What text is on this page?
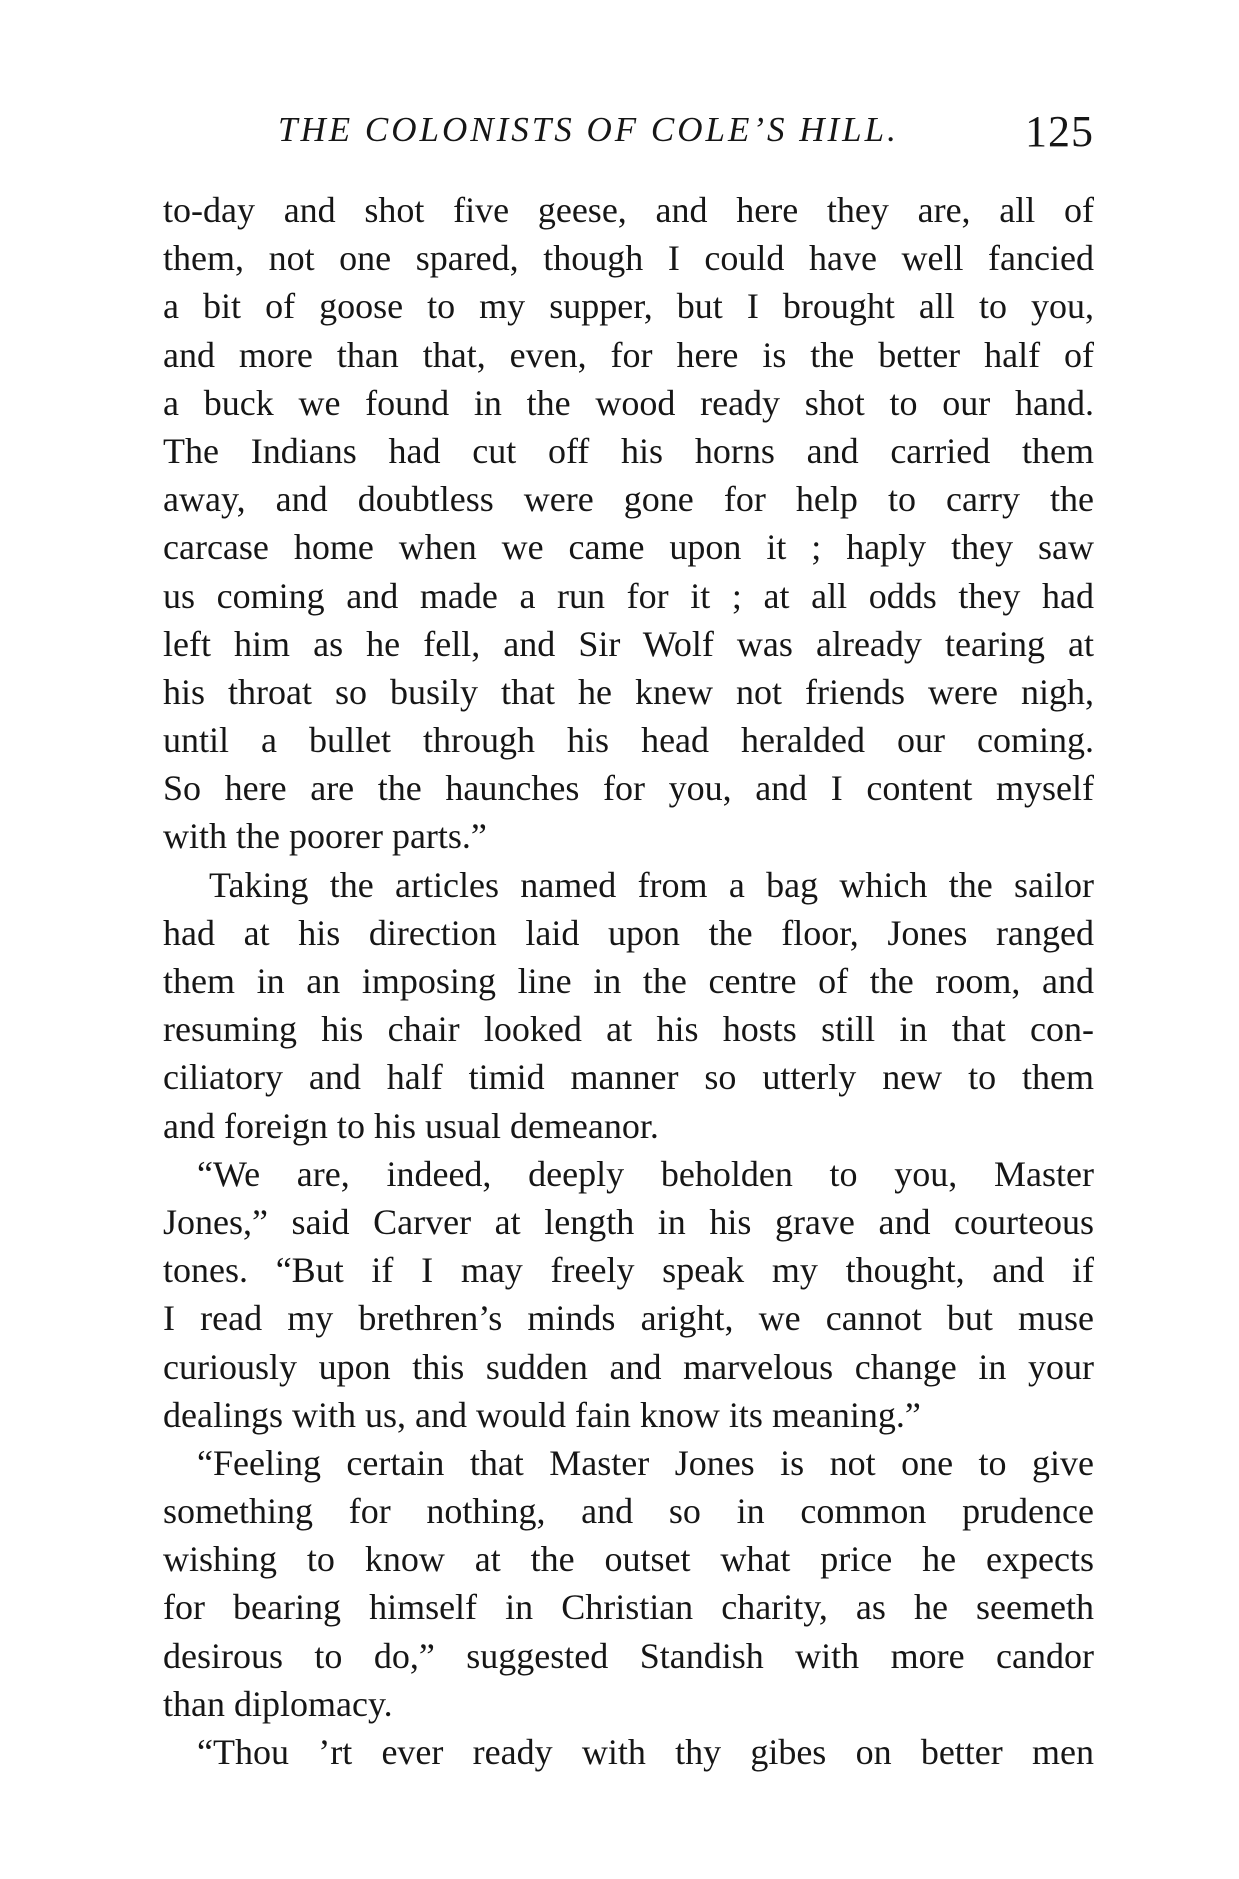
THE COLONISTS OF COLE’S HILL.	125
to-day and shot five geese, and here they are, all of
them, not one spared, though I could have well fancied
a bit of goose to my supper, but I brought all to you,
and more than that, even, for here is the better half of
a buck we found in the wood ready shot to our hand.
The Indians had cut off his horns and carried them
away, and doubtless were gone for help to carry the
carcase home when we came upon it ; haply they saw
us coming and made a run for it ; at all odds they had
left him as he fell, and Sir Wolf was already tearing at
his throat so busily that he knew not friends were nigh,
until a bullet through his head heralded our coming.
So here are the haunches for you, and I content myself
with the poorer parts.”
Taking the articles named from a bag which the sailor
had at his direction laid upon the floor, Jones ranged
them in an imposing line in the centre of the room, and
resuming his chair looked at his hosts still in that con-
ciliatory and half timid manner so utterly new to them
and foreign to his usual demeanor.
“We are, indeed, deeply beholden to you, Master
Jones,” said Carver at length in his grave and courteous
tones. “But if I may freely speak my thought, and if
I read my brethren’s minds aright, we cannot but muse
curiously upon this sudden and marvelous change in your
dealings with us, and would fain know its meaning.”
“Feeling certain that Master Jones is not one to give
something for nothing, and so in common prudence
wishing to know at the outset what price he expects
for bearing himself in Christian charity, as he seemeth
desirous to do,” suggested Standish with more candor
than diplomacy.
“Thou ’rt ever ready with thy gibes on better men
